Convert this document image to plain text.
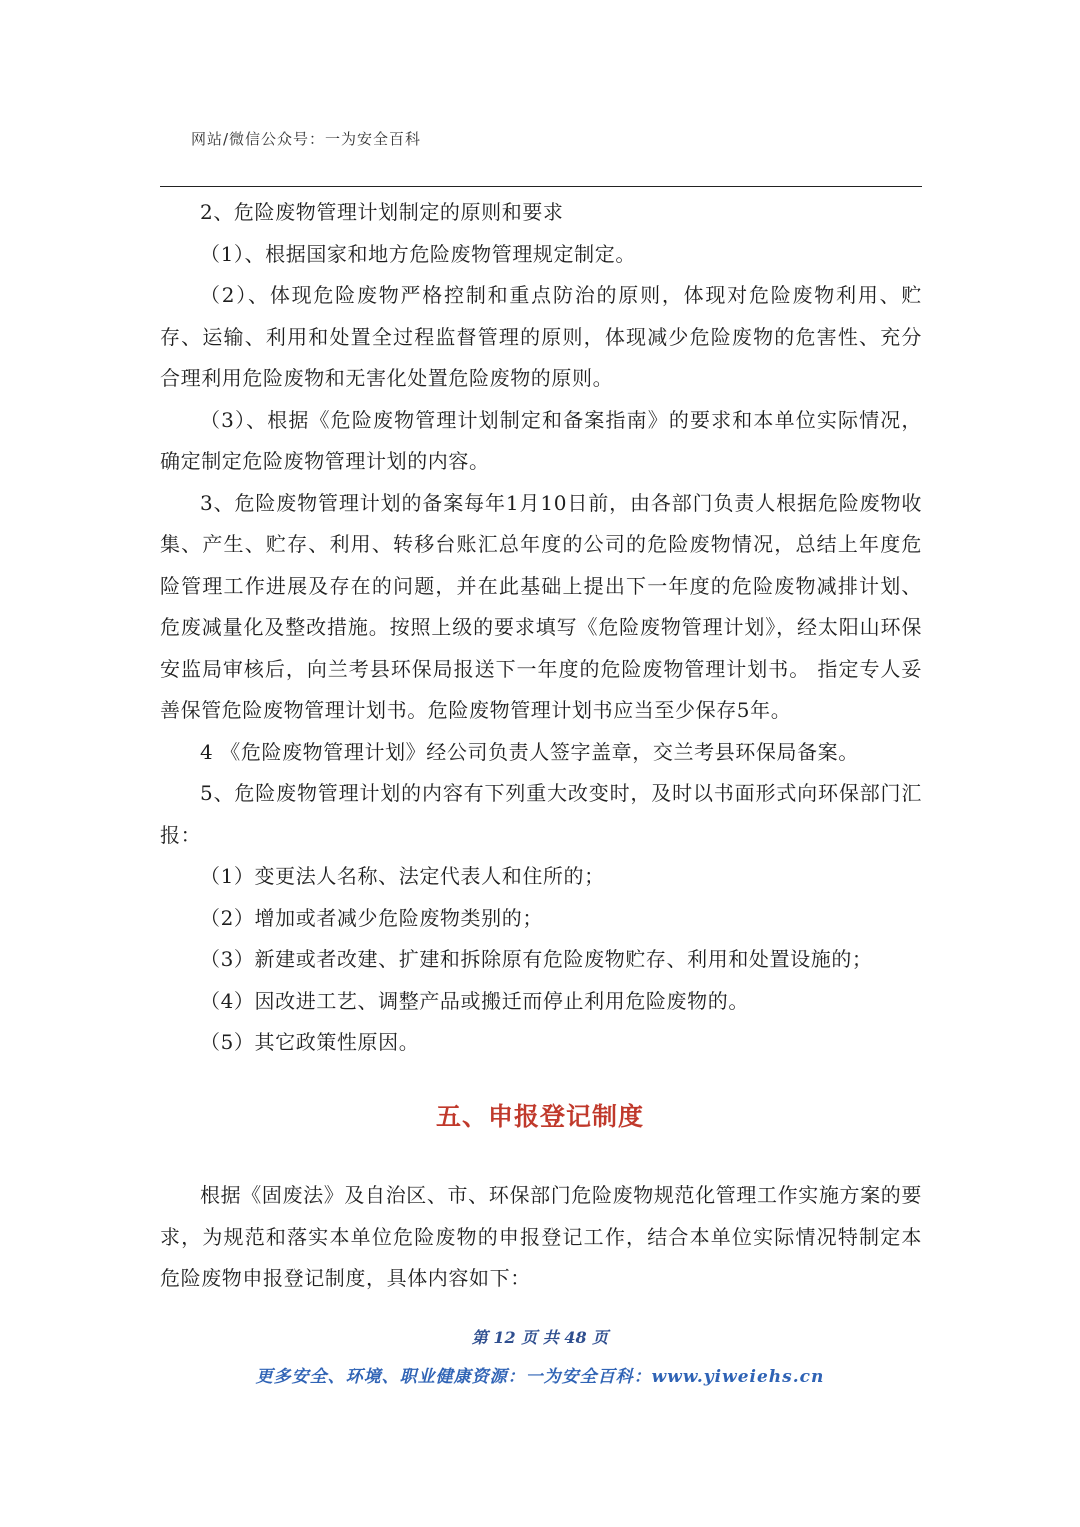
网站/微信公众号：一为安全百科

2、危险废物管理计划制定的原则和要求

（1）、根据国家和地方危险废物管理规定制定。

（2）、体现危险废物严格控制和重点防治的原则，体现对危险废物利用、贮存、运输、利用和处置全过程监督管理的原则，体现减少危险废物的危害性、充分合理利用危险废物和无害化处置危险废物的原则。

（3）、根据《危险废物管理计划制定和备案指南》的要求和本单位实际情况，确定制定危险废物管理计划的内容。

3、危险废物管理计划的备案每年1月10日前，由各部门负责人根据危险废物收集、产生、贮存、利用、转移台账汇总年度的公司的危险废物情况，总结上年度危险管理工作进展及存在的问题，并在此基础上提出下一年度的危险废物减排计划、危废减量化及整改措施。按照上级的要求填写《危险废物管理计划》，经太阳山环保安监局审核后，向兰考县环保局报送下一年度的危险废物管理计划书。 指定专人妥善保管危险废物管理计划书。危险废物管理计划书应当至少保存5年。

4 《危险废物管理计划》经公司负责人签字盖章，交兰考县环保局备案。

5、危险废物管理计划的内容有下列重大改变时，及时以书面形式向环保部门汇报：

（1）变更法人名称、法定代表人和住所的；

（2）增加或者减少危险废物类别的；

（3）新建或者改建、扩建和拆除原有危险废物贮存、利用和处置设施的；

（4）因改进工艺、调整产品或搬迁而停止利用危险废物的。

（5）其它政策性原因。

五、申报登记制度

根据《固废法》及自治区、市、环保部门危险废物规范化管理工作实施方案的要求，为规范和落实本单位危险废物的申报登记工作，结合本单位实际情况特制定本危险废物申报登记制度，具体内容如下：

第 12 页 共 48 页
更多安全、环境、职业健康资源：一为安全百科：www.yiweiehs.cn
